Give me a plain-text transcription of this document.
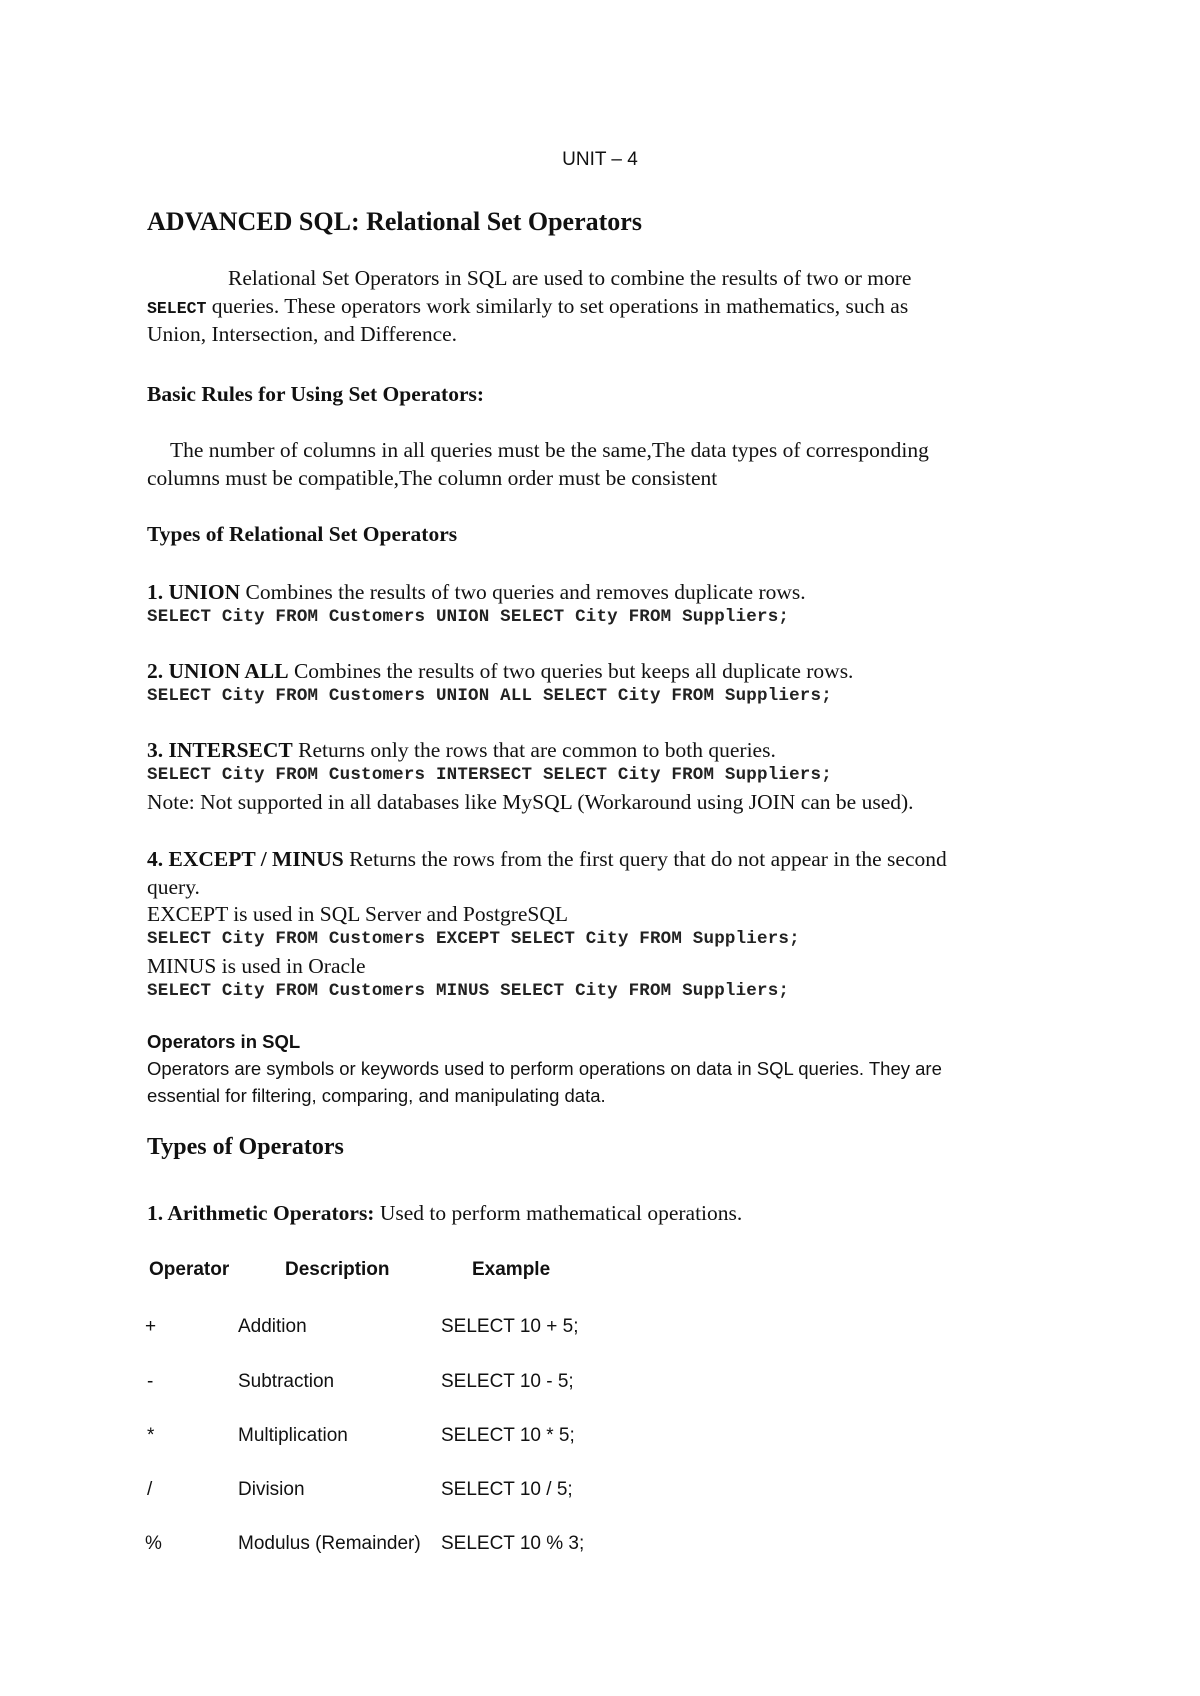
UNIT – 4
ADVANCED SQL: Relational Set Operators
Relational Set Operators in SQL are used to combine the results of two or more
SELECT queries. These operators work similarly to set operations in mathematics, such as
Union, Intersection, and Difference.
Basic Rules for Using Set Operators:
The number of columns in all queries must be the same,The data types of corresponding
columns must be compatible,The column order must be consistent
Types of Relational Set Operators
1. UNION Combines the results of two queries and removes duplicate rows.
SELECT City FROM Customers UNION SELECT City FROM Suppliers;
2. UNION ALL Combines the results of two queries but keeps all duplicate rows.
SELECT City FROM Customers UNION ALL SELECT City FROM Suppliers;
3. INTERSECT Returns only the rows that are common to both queries.
SELECT City FROM Customers INTERSECT SELECT City FROM Suppliers;
Note: Not supported in all databases like MySQL (Workaround using JOIN can be used).
4. EXCEPT / MINUS Returns the rows from the first query that do not appear in the second
query.
EXCEPT is used in SQL Server and PostgreSQL
SELECT City FROM Customers EXCEPT SELECT City FROM Suppliers;
MINUS is used in Oracle
SELECT City FROM Customers MINUS SELECT City FROM Suppliers;
Operators in SQL
Operators are symbols or keywords used to perform operations on data in SQL queries. They are
essential for filtering, comparing, and manipulating data.
Types of Operators
1. Arithmetic Operators: Used to perform mathematical operations.
Operator	Description	Example
+	Addition	SELECT 10 + 5;
-	Subtraction	SELECT 10 - 5;
*	Multiplication	SELECT 10 * 5;
/	Division	SELECT 10 / 5;
%	Modulus (Remainder) SELECT 10 % 3;
